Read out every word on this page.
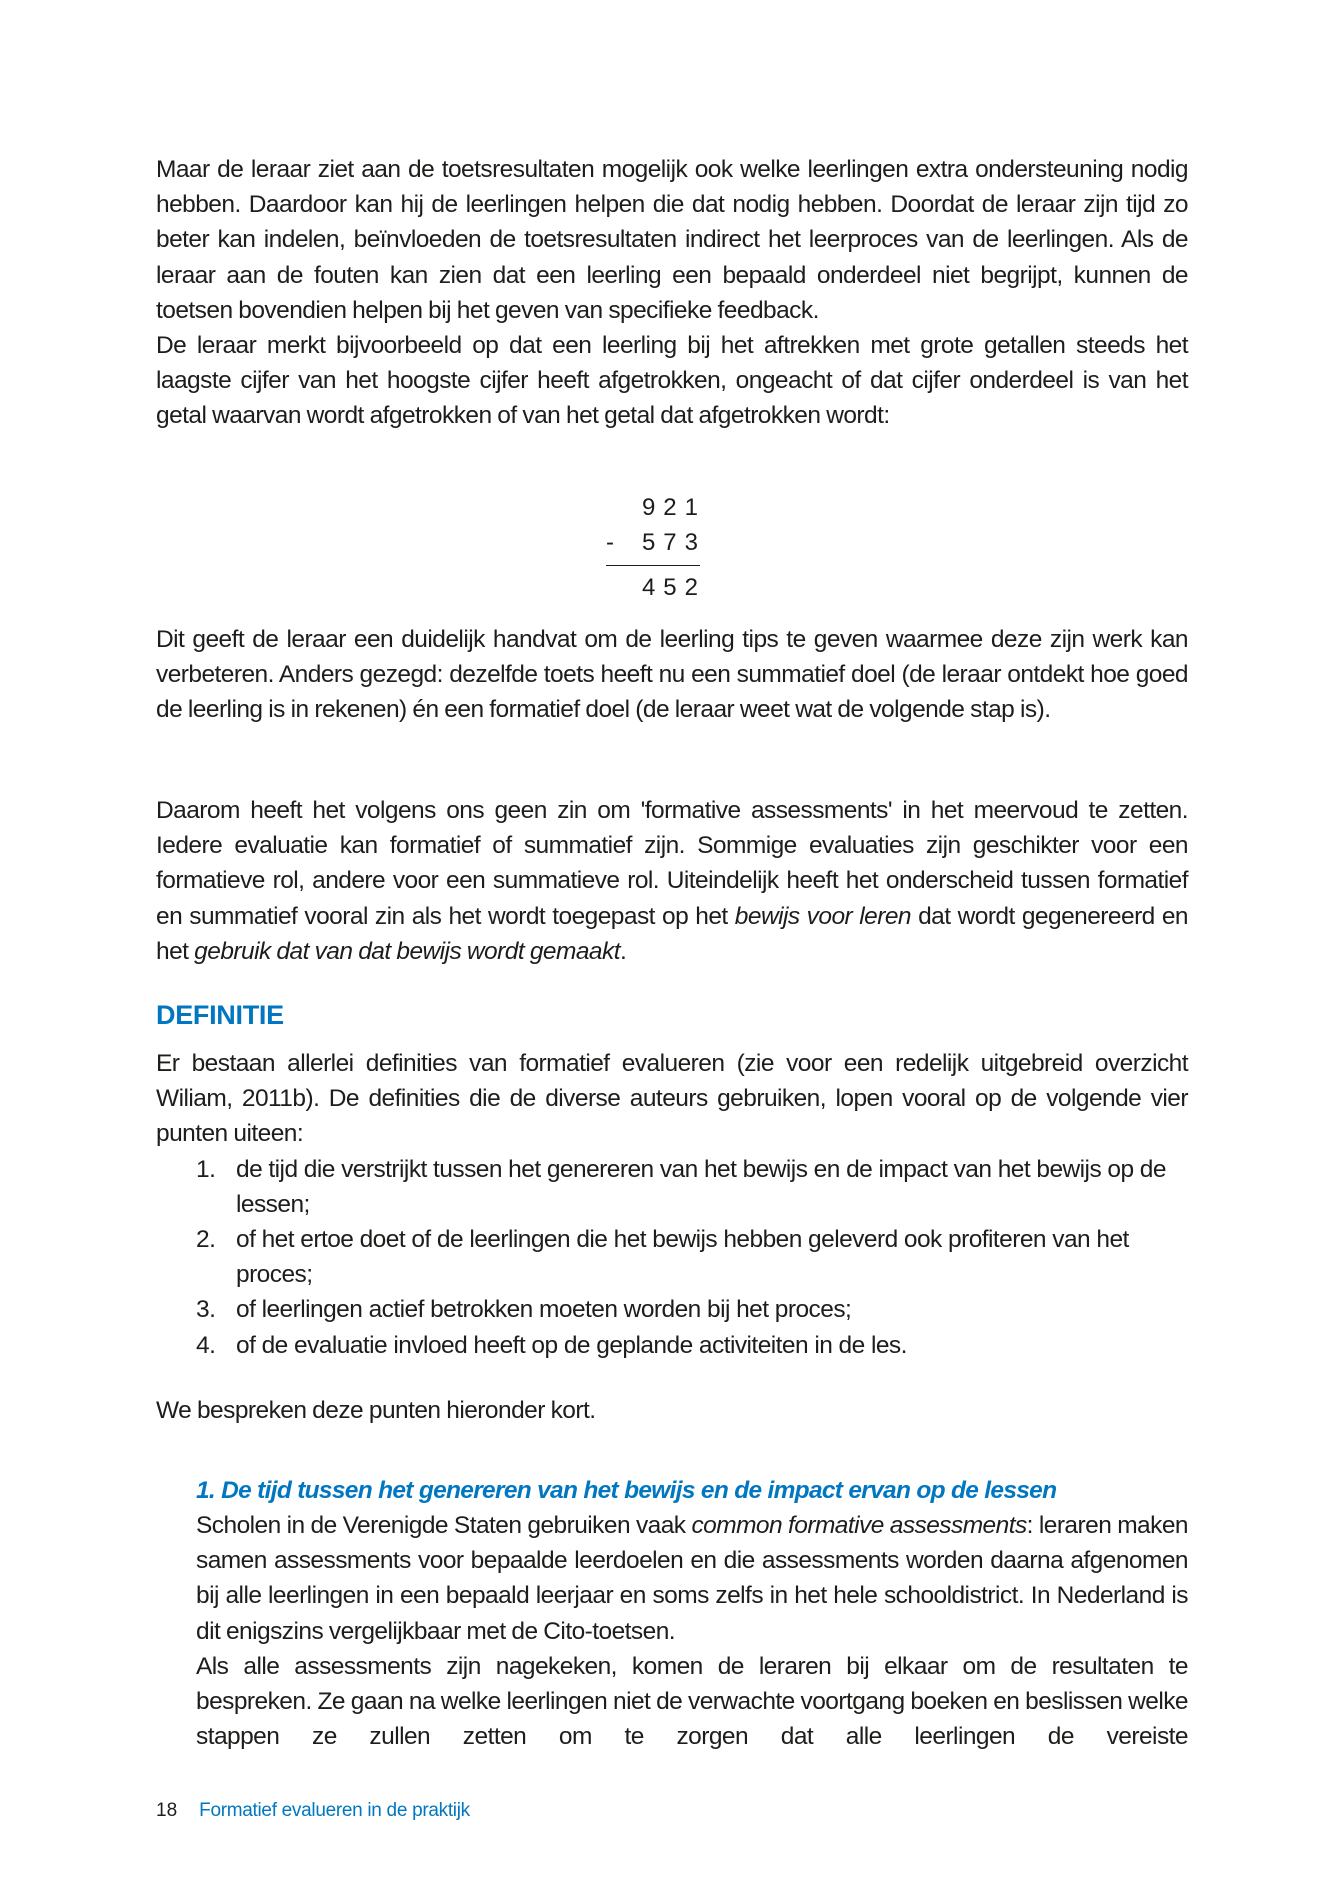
Maar de leraar ziet aan de toetsresultaten mogelijk ook welke leerlingen extra ondersteuning nodig hebben. Daardoor kan hij de leerlingen helpen die dat nodig hebben. Doordat de leraar zijn tijd zo beter kan indelen, beïnvloeden de toetsresultaten indirect het leerproces van de leerlingen. Als de leraar aan de fouten kan zien dat een leerling een bepaald onderdeel niet begrijpt, kunnen de toetsen bovendien helpen bij het geven van specifieke feedback.

De leraar merkt bijvoorbeeld op dat een leerling bij het aftrekken met grote getallen steeds het laagste cijfer van het hoogste cijfer heeft afgetrokken, ongeacht of dat cijfer onderdeel is van het getal waarvan wordt afgetrokken of van het getal dat afgetrokken wordt:

921
- 573
452

Dit geeft de leraar een duidelijk handvat om de leerling tips te geven waarmee deze zijn werk kan verbeteren. Anders gezegd: dezelfde toets heeft nu een summatief doel (de leraar ontdekt hoe goed de leerling is in rekenen) én een formatief doel (de leraar weet wat de volgende stap is).

Daarom heeft het volgens ons geen zin om 'formative assessments' in het meervoud te zetten. Iedere evaluatie kan formatief of summatief zijn. Sommige evaluaties zijn geschikter voor een formatieve rol, andere voor een summatieve rol. Uiteindelijk heeft het onderscheid tussen formatief en summatief vooral zin als het wordt toegepast op het bewijs voor leren dat wordt gegenereerd en het gebruik dat van dat bewijs wordt gemaakt.

DEFINITIE

Er bestaan allerlei definities van formatief evalueren (zie voor een redelijk uitgebreid overzicht Wiliam, 2011b). De definities die de diverse auteurs gebruiken, lopen vooral op de volgende vier punten uiteen:

1. de tijd die verstrijkt tussen het genereren van het bewijs en de impact van het bewijs op de lessen;
2. of het ertoe doet of de leerlingen die het bewijs hebben geleverd ook profiteren van het proces;
3. of leerlingen actief betrokken moeten worden bij het proces;
4. of de evaluatie invloed heeft op de geplande activiteiten in de les.

We bespreken deze punten hieronder kort.

1. De tijd tussen het genereren van het bewijs en de impact ervan op de lessen

Scholen in de Verenigde Staten gebruiken vaak common formative assessments: leraren maken samen assessments voor bepaalde leerdoelen en die assessments worden daarna afgenomen bij alle leerlingen in een bepaald leerjaar en soms zelfs in het hele schooldistrict. In Nederland is dit enigszins vergelijkbaar met de Cito-toetsen.

Als alle assessments zijn nagekeken, komen de leraren bij elkaar om de resultaten te bespreken. Ze gaan na welke leerlingen niet de verwachte voortgang boeken en beslissen welke stappen ze zullen zetten om te zorgen dat alle leerlingen de vereiste

18 Formatief evalueren in de praktijk
